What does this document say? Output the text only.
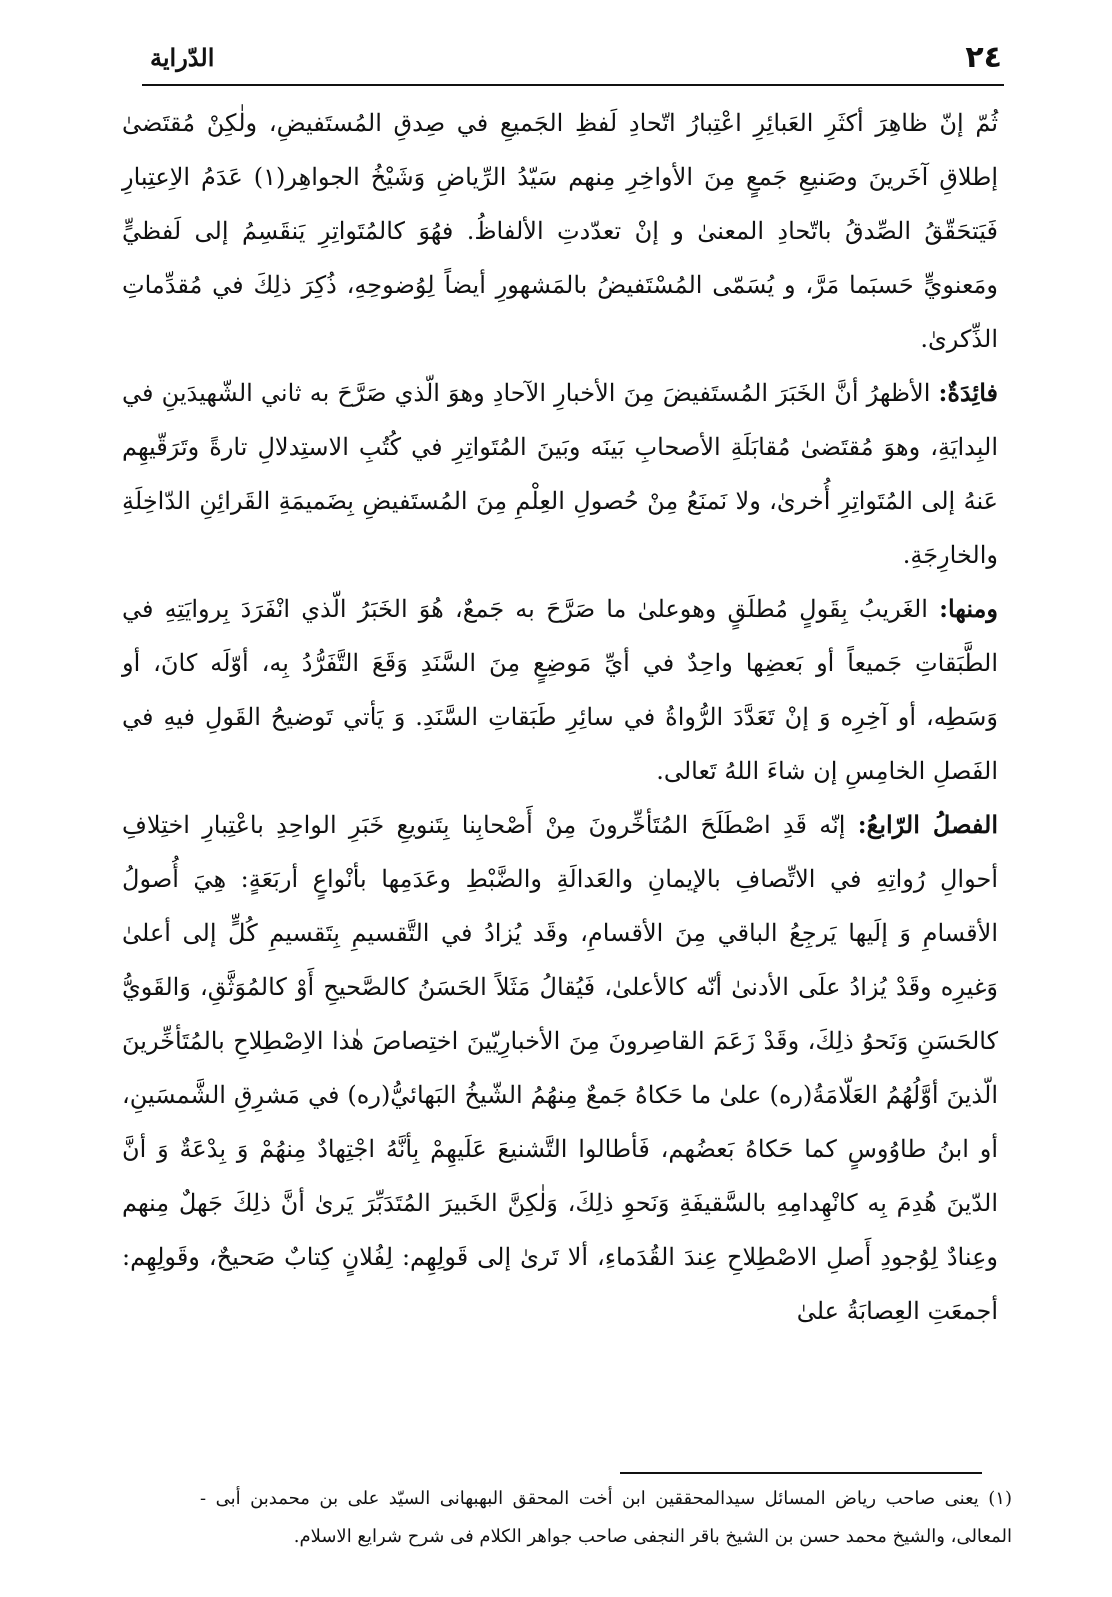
٢٤
الدّراية

ثُمّ إنّ ظاهِرَ أكثَرِ العَبائِرِ اعْتِبارُ اتّحادِ لَفظِ الجَميعِ في صِدقِ المُستَفيضِ، ولٰكِنْ مُقتَضىٰ إطلاقِ آخَرينَ وصَنيعِ جَمعٍ مِنَ الأواخِرِ مِنهم سَيّدُ الرِّياضِ وَشَيْخُ الجواهِر(١) عَدَمُ الاِعتِبارِ فَيَتحَقّقُ الصِّدقُ باتّحادِ المعنىٰ و إنْ تعدّدتِ الألفاظُ. فهُوَ كالمُتَواتِرِ يَنقَسِمُ إلى لَفظيٍّ ومَعنويٍّ حَسبَما مَرَّ، و يُسَمّى المُسْتَفيضُ بالمَشهورِ أيضاً لِوُضوحِهِ، ذُكِرَ ذلِكَ في مُقدِّماتِ الذِّكرىٰ.

فائِدَةٌ: الأظهرُ أنَّ الخَبَرَ المُستَفيضَ مِنَ الأخبارِ الآحادِ وهوَ الّذي صَرَّحَ به ثاني الشّهيدَينِ في البِدايَةِ، وهوَ مُقتَضىٰ مُقابَلَةِ الأصحابِ بَينَه وبَينَ المُتَواتِرِ في كُتُبِ الاستِدلالِ تارةً وتَرَقّيهِم عَنهُ إلى المُتَواتِرِ أُخرىٰ، ولا نَمنَعُ مِنْ حُصولِ العِلْمِ مِنَ المُستَفيضِ بِضَميمَةِ القَرائِنِ الدّاخِلَةِ والخارِجَةِ.

ومنها: الغَريبُ بِقَولٍ مُطلَقٍ وهوعلىٰ ما صَرَّحَ به جَمعٌ، هُوَ الخَبَرُ الّذي انْفَرَدَ بِروايَتِهِ في الطَّبَقاتِ جَميعاً أو بَعضِها واحِدٌ في أيِّ مَوضِعٍ مِنَ السَّنَدِ وَقَعَ التَّفَرُّدُ بِه، أوّلَه كانَ، أو وَسَطِه، أو آخِرِه وَ إنْ تَعَدَّدَ الرُّواةُ في سائِرِ طَبَقاتِ السَّنَدِ. وَ يَأتي تَوضيحُ القَولِ فيهِ في الفَصلِ الخامِسِ إن شاءَ اللهُ تَعالى.

الفصلُ الرّابعُ: إنّه قَدِ اصْطَلَحَ المُتَأخِّرونَ مِنْ أَصْحابِنا بِتَنويعِ خَبَرِ الواحِدِ باعْتِبارِ اختِلافِ أحوالِ رُواتِهِ في الاتِّصافِ بالإيمانِ والعَدالَةِ والضَّبْطِ وعَدَمِها بأنْواعٍ أربَعَةٍ: هِيَ أُصولُ الأقسامِ وَ إلَيها يَرجِعُ الباقي مِنَ الأقسامِ، وقَد يُزادُ في التَّقسيمِ بِتَقسيمِ كُلٍّ إلى أعلىٰ وَغيرِه وقَدْ يُزادُ علَى الأدنىٰ أنّه كالأعلىٰ، فَيُقالُ مَثَلاً الحَسَنُ كالصَّحيحِ أَوْ كالمُوَثَّقِ، وَالقَويُّ كالحَسَنِ وَنَحوُ ذلِكَ، وقَدْ زَعَمَ القاصِرونَ مِنَ الأخبارِيّينَ اختِصاصَ هٰذا الاِصْطِلاحِ بالمُتَأخِّرينَ الّذينَ أوَّلُهُمُ العَلّامَةُ(ره) علىٰ ما حَكاهُ جَمعٌ مِنهُمُ الشّيخُ البَهائيُّ(ره) في مَشرِقِ الشَّمسَينِ، أو ابنُ طاوُوسٍ كما حَكاهُ بَعضُهم، فَأطالوا التَّشنيعَ عَلَيهِمْ بِأنَّهُ اجْتِهادٌ مِنهُمْ وَ بِدْعَةٌ وَ أنَّ الدّينَ هُدِمَ بِه كانْهِدامِهِ بالسَّقيفَةِ وَنَحوِ ذلِكَ، وَلٰكِنَّ الخَبيرَ المُتَدَبِّرَ يَرىٰ أنَّ ذلِكَ جَهلٌ مِنهم وعِنادٌ لِوُجودِ أَصلِ الاصْطِلاحِ عِندَ القُدَماءِ، ألا تَرىٰ إلى قَولِهِم: لِفُلانٍ كِتابٌ صَحيحٌ، وقَولِهِم: أجمعَتِ العِصابَةُ علىٰ

(١) يعنى صاحب رياض المسائل سيدالمحققين ابن أخت المحقق البهبهانى السيّد على بن محمدبن أبى - المعالى، والشيخ محمد حسن بن الشيخ باقر النجفى صاحب جواهر الكلام فى شرح شرايع الاسلام.
